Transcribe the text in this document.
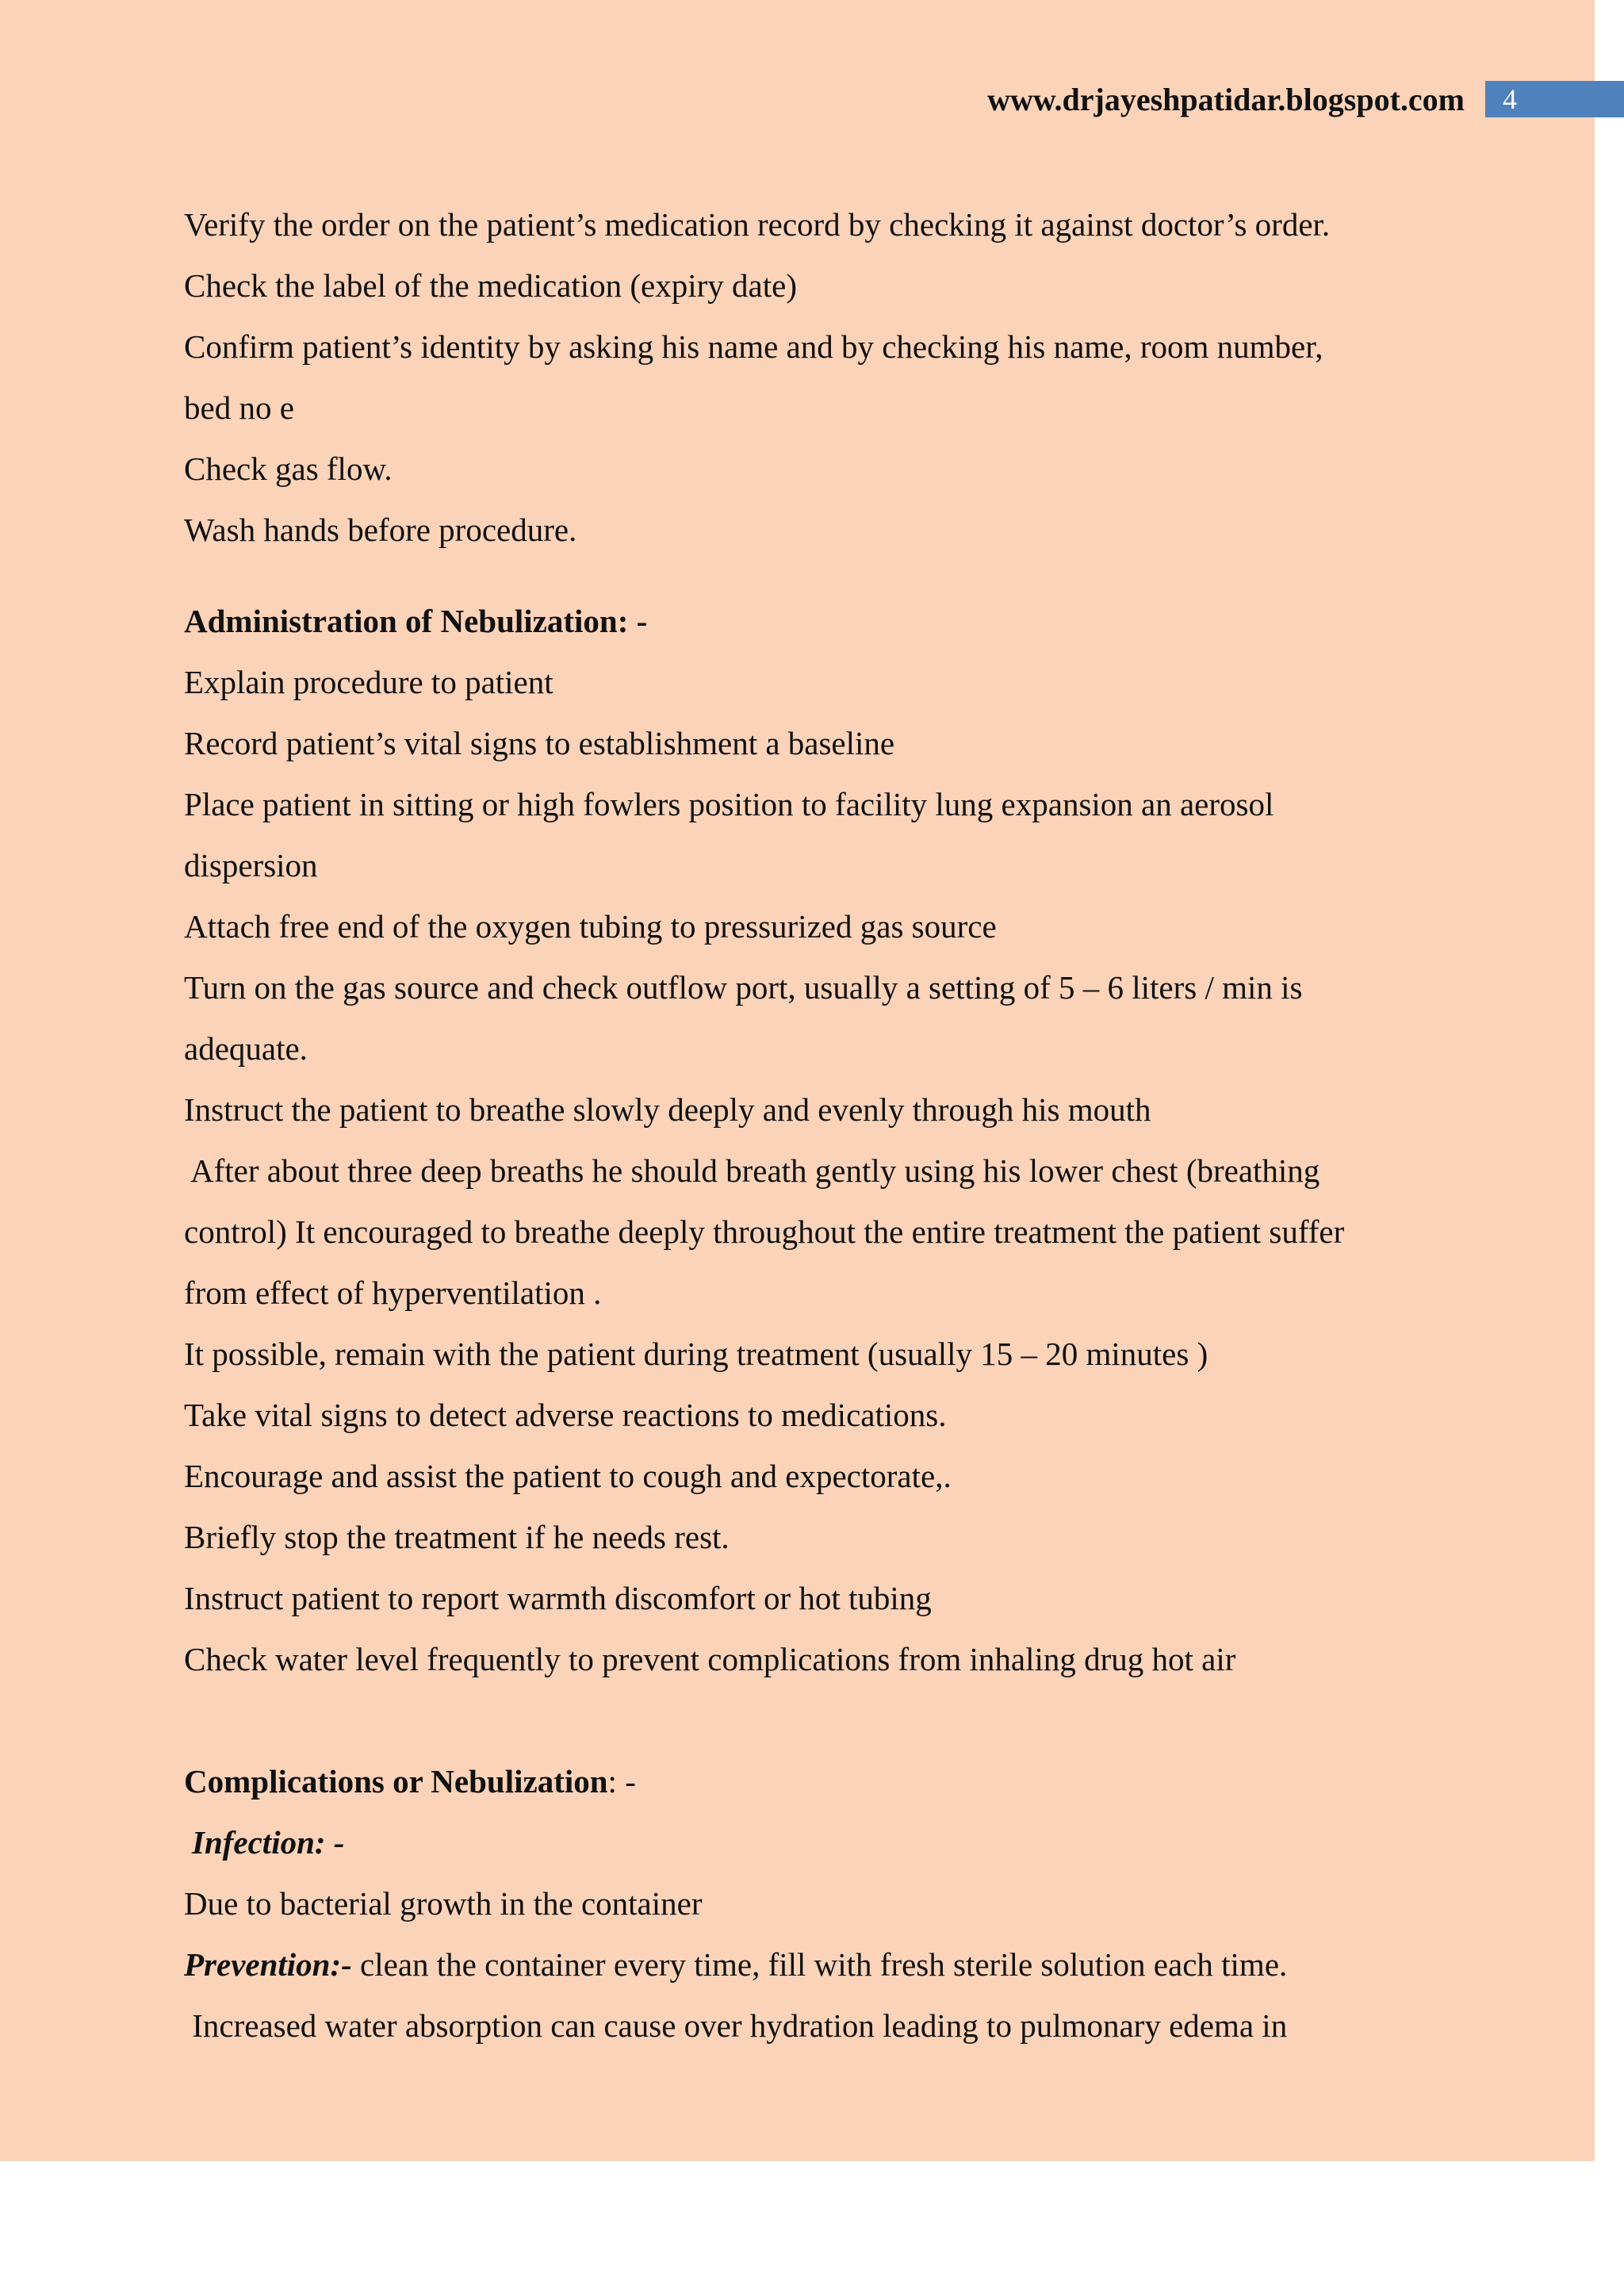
www.drjayeshpatidar.blogspot.com	4
Verify the order on the patient’s medication record by checking it against doctor’s order.
Check the label of the medication (expiry date)
Confirm patient’s identity by asking his name and by checking his name, room number,
bed no e
Check gas flow.
Wash hands before procedure.
Administration of Nebulization: -
Explain procedure to patient
Record patient’s vital signs to establishment a baseline
Place patient in sitting or high fowlers position to facility lung expansion an aerosol
dispersion
Attach free end of the oxygen tubing to pressurized gas source
Turn on the gas source and check outflow port, usually a setting of 5 – 6 liters / min is
adequate.
Instruct the patient to breathe slowly deeply and evenly through his mouth
After about three deep breaths he should breath gently using his lower chest (breathing
control) It encouraged to breathe deeply throughout the entire treatment the patient suffer
from effect of hyperventilation .
It possible, remain with the patient during treatment (usually 15 – 20 minutes )
Take vital signs to detect adverse reactions to medications.
Encourage and assist the patient to cough and expectorate,.
Briefly stop the treatment if he needs rest.
Instruct patient to report warmth discomfort or hot tubing
Check water level frequently to prevent complications from inhaling drug hot air
Complications or Nebulization: -
Infection: -
Due to bacterial growth in the container
Prevention:- clean the container every time, fill with fresh sterile solution each time.
Increased water absorption can cause over hydration leading to pulmonary edema in
